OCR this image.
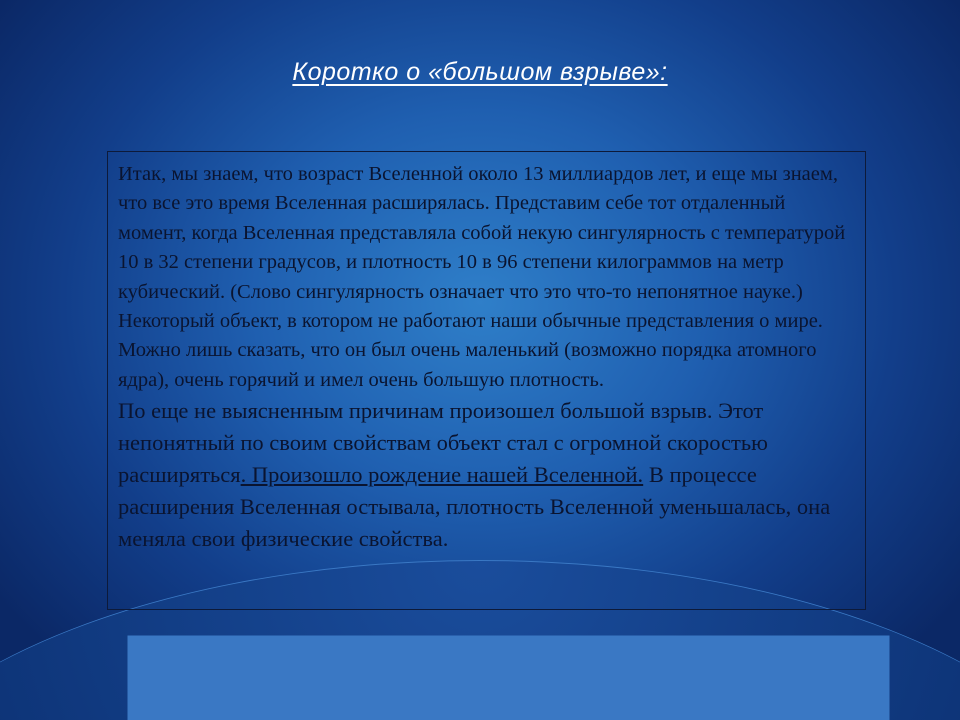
Коротко о «большом взрыве»:

Итак, мы знаем, что возраст Вселенной около 13 миллиардов лет, и еще мы знаем, что все это время Вселенная расширялась. Представим себе тот отдаленный момент, когда Вселенная представляла собой некую сингулярность с температурой 10 в 32 степени градусов, и плотность 10 в 96 степени килограммов на метр кубический. (Слово сингулярность означает что это что-то непонятное науке.) Некоторый объект, в котором не работают наши обычные представления о мире. Можно лишь сказать, что он был очень маленький (возможно порядка атомного ядра), очень горячий и имел очень большую плотность.

По еще не выясненным причинам произошел большой взрыв. Этот непонятный по своим свойствам объект стал с огромной скоростью расширяться. Произошло рождение нашей Вселенной. В процессе расширения Вселенная остывала, плотность Вселенной уменьшалась, она меняла свои физические свойства.
